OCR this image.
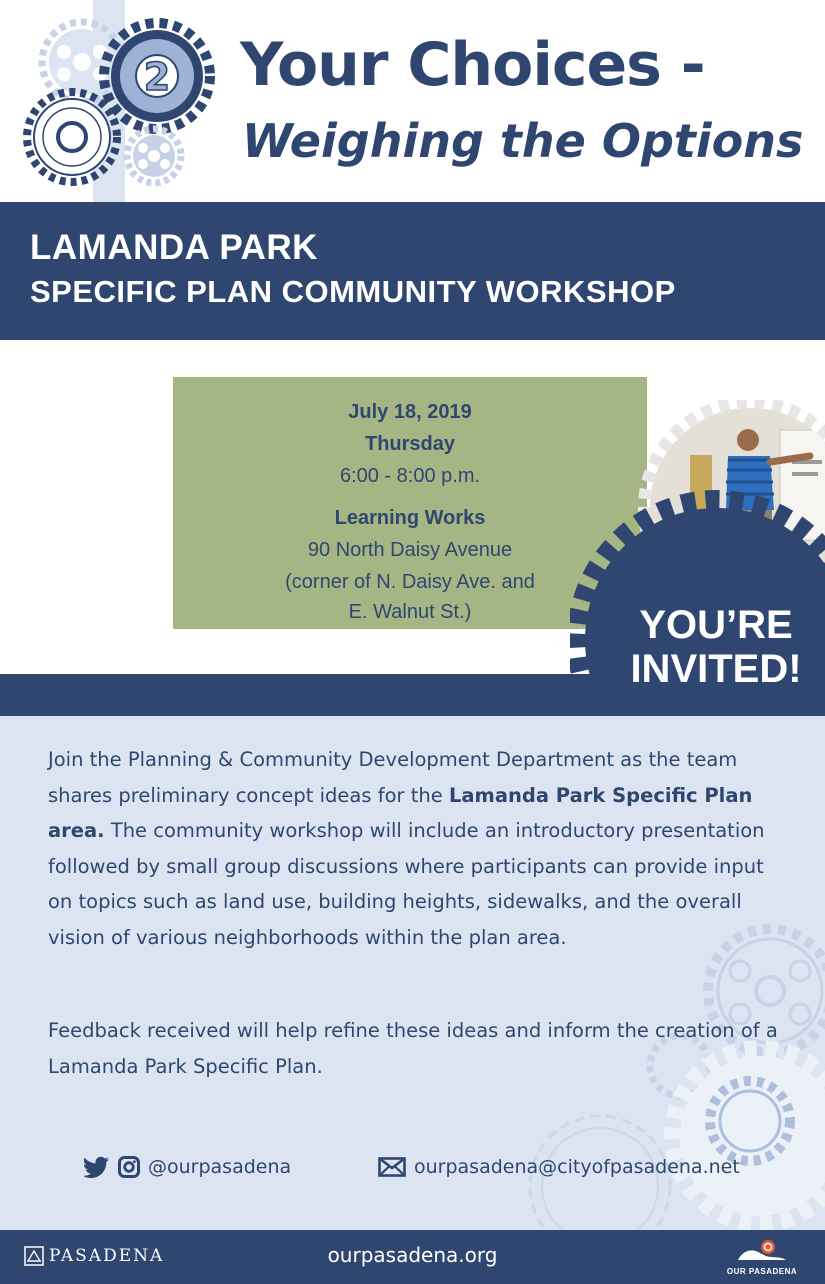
2 Your Choices -
Weighing the Options
LAMANDA PARK
SPECIFIC PLAN COMMUNITY WORKSHOP
July 18, 2019
Thursday
6:00 - 8:00 p.m.
Learning Works
90 North Daisy Avenue
(corner of N. Daisy Ave. and
E. Walnut St.)	YOU’RE
INVITED!

Join the Planning & Community Development Department as the team shares preliminary concept ideas for the Lamanda Park Specific Plan area. The community workshop will include an introductory presentation followed by small group discussions where participants can provide input on topics such as land use, building heights, sidewalks, and the overall vision of various neighborhoods within the plan area.

Feedback received will help refine these ideas and inform the creation of a Lamanda Park Specific Plan.

@ourpasadena	ourpasadena@cityofpasadena.net
PASADENA	ourpasadena.org
OUR PASADENA
